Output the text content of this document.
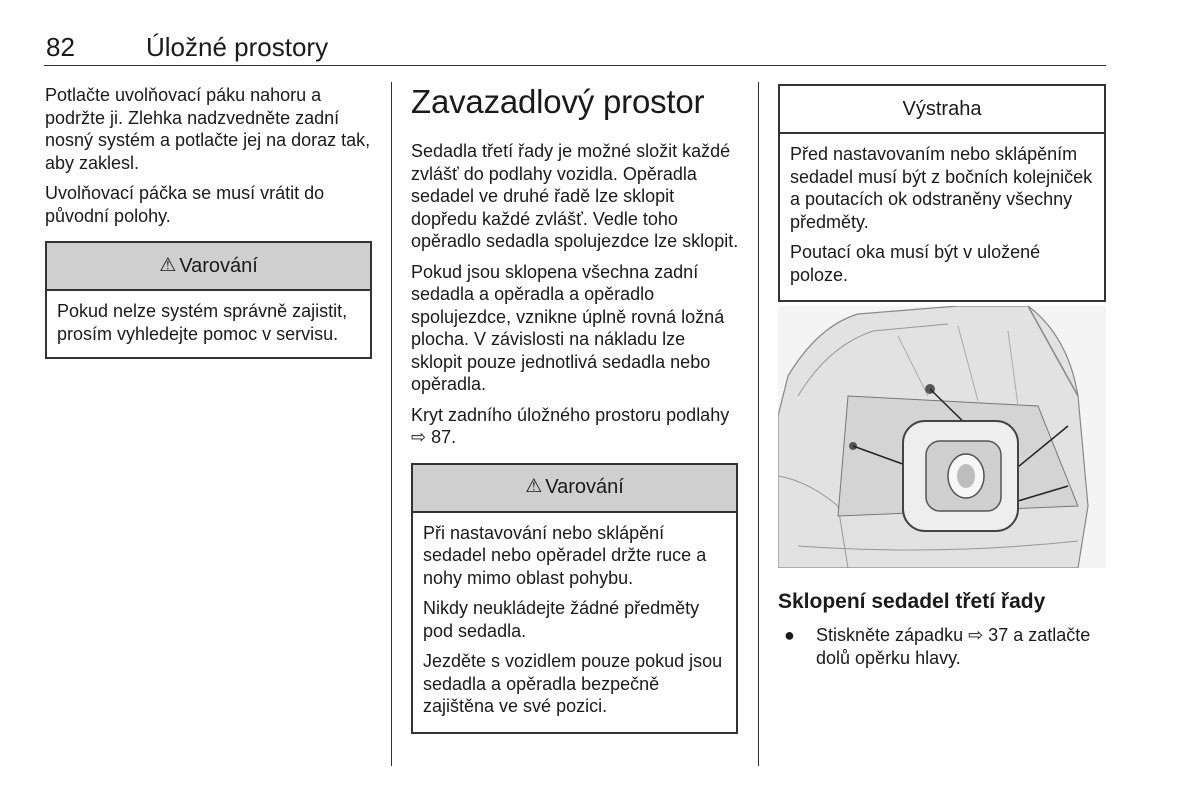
82	Úložné prostory

Potlačte uvolňovací páku nahoru a podržte ji. Zlehka nadzvedněte zadní nosný systém a potlačte jej na doraz tak, aby zaklesl.

Uvolňovací páčka se musí vrátit do původní polohy.

⚠ Varování

Pokud nelze systém správně zajistit, prosím vyhledejte pomoc v servisu.

Zavazadlový prostor

Sedadla třetí řady je možné složit každé zvlášť do podlahy vozidla. Opěradla sedadel ve druhé řadě lze sklopit dopředu každé zvlášť. Vedle toho opěradlo sedadla spolujezdce lze sklopit.

Pokud jsou sklopena všechna zadní sedadla a opěradla a opěradlo spolujezdce, vznikne úplně rovná ložná plocha. V závislosti na nákladu lze sklopit pouze jednotlivá sedadla nebo opěradla.

Kryt zadního úložného prostoru podlahy ⇨ 87.

⚠ Varování

Při nastavování nebo sklápění sedadel nebo opěradel držte ruce a nohy mimo oblast pohybu.

Nikdy neukládejte žádné předměty pod sedadla.

Jezděte s vozidlem pouze pokud jsou sedadla a opěradla bezpečně zajištěna ve své pozici.

Výstraha

Před nastavovaním nebo sklápěním sedadel musí být z bočních kolejniček a poutacích ok odstraněny všechny předměty.

Poutací oka musí být v uložené poloze.

Sklopení sedadel třetí řady
● Stiskněte západku ⇨ 37 a zatlačte dolů opěrku hlavy.
